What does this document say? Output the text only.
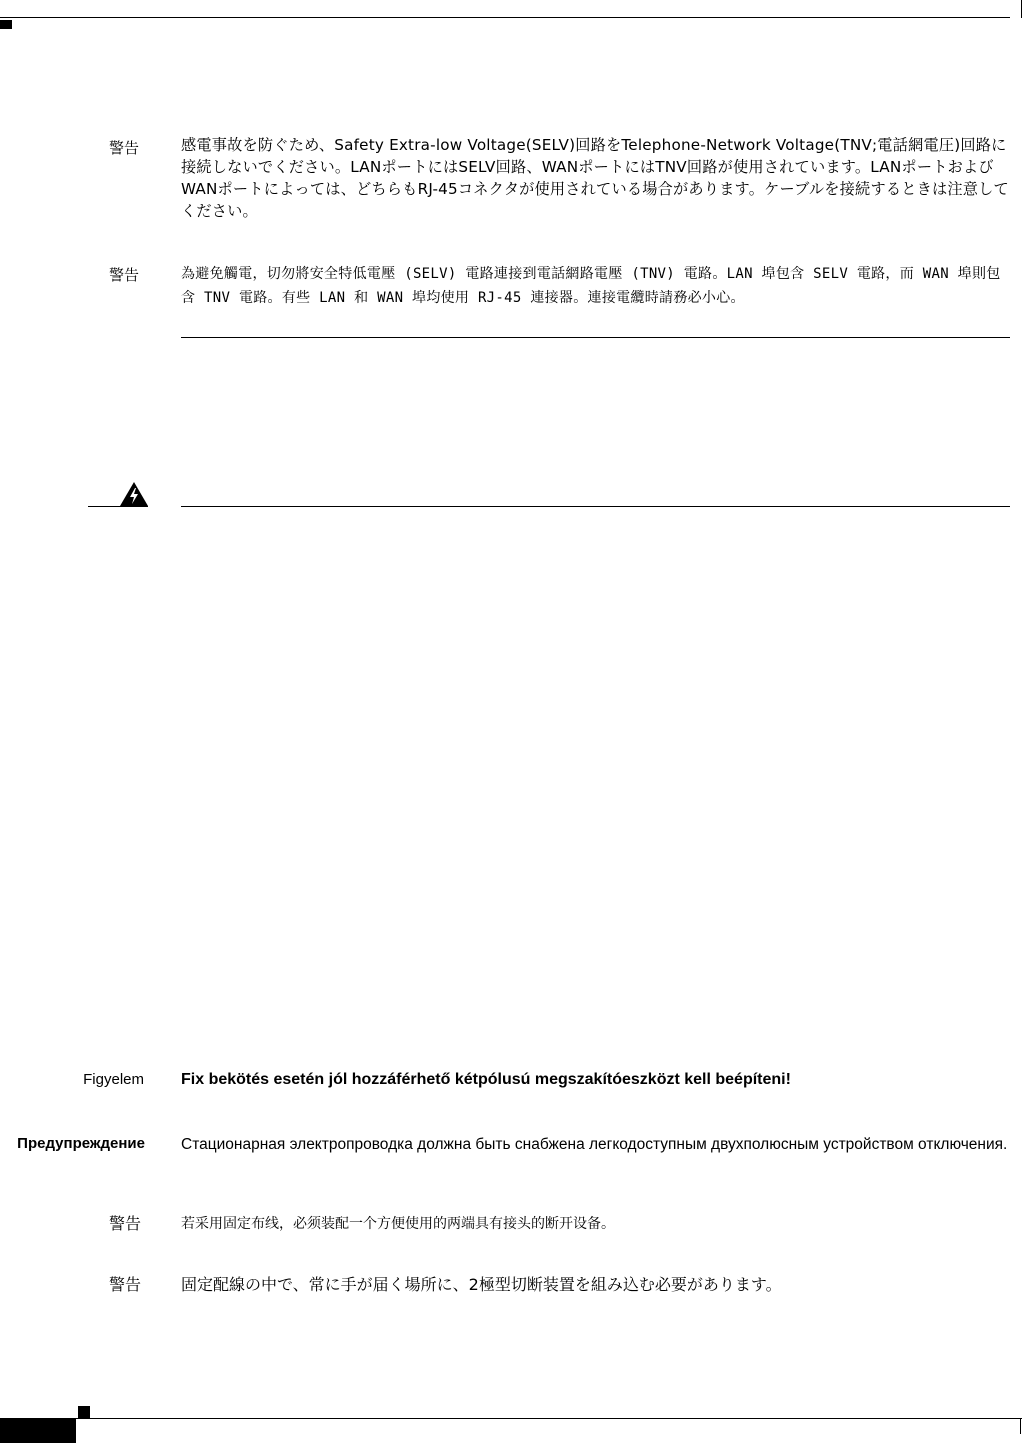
警告	感電事故を防ぐため、Safety Extra-low Voltage(SELV)回路をTelephone-Network Voltage(TNV;電話網電圧)回路に接続しないでください。LANポートにはSELV回路、WANポートにはTNV回路が使用されています。LANポートおよびWANポートによっては、どちらもRJ-45コネクタが使用されている場合があります。ケーブルを接続するときは注意してください。
警告	為避免觸電，切勿將安全特低電壓 (SELV) 電路連接到電話網路電壓 (TNV) 電路。LAN 埠包含 SELV 電路，而 WAN 埠則包含 TNV 電路。有些 LAN 和 WAN 埠均使用 RJ-45 連接器。連接電纜時請務必小心。
Figyelem Fix bekötés esetén jól hozzáférhető kétpólusú megszakítóeszközt kell beépíteni!
Предупреждение Стационарная электропроводка должна быть снабжена легкодоступным двухполюсным устройством отключения.
警告	若采用固定布线，必须装配一个方便使用的两端具有接头的断开设备。
警告 固定配線の中で、常に手が届く場所に、2極型切断装置を組み込む必要があります。
